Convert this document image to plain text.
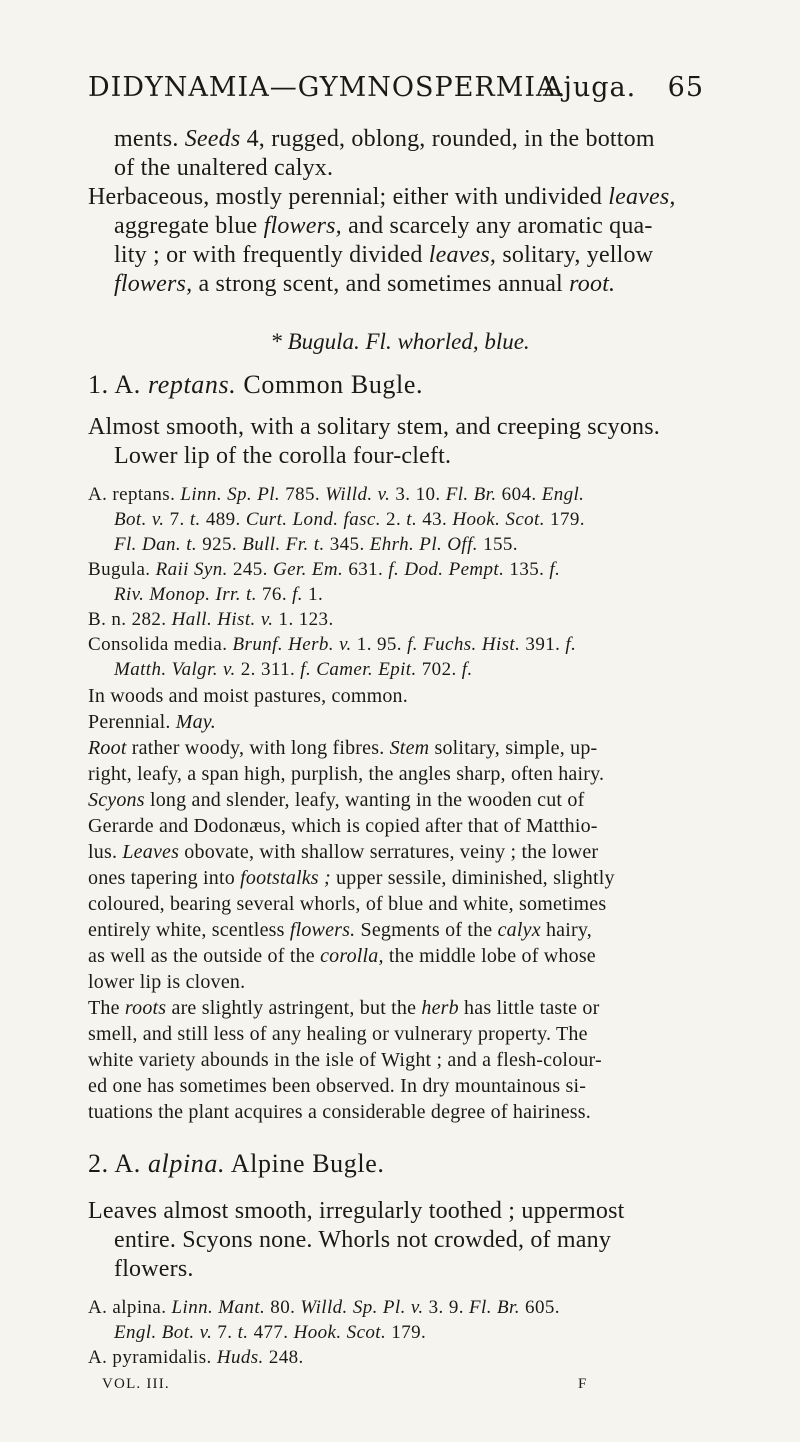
DIDYNAMIA—GYMNOSPERMIA.
Ajuga. 65
ments. Seeds 4, rugged, oblong, rounded, in the bottom
of the unaltered calyx.
Herbaceous, mostly perennial; either with undivided leaves,
aggregate blue flowers, and scarcely any aromatic qua-
lity ; or with frequently divided leaves, solitary, yellow
flowers, a strong scent, and sometimes annual root.
* Bugula. Fl. whorled, blue.
1. A. reptans. Common Bugle.
Almost smooth, with a solitary stem, and creeping scyons.
Lower lip of the corolla four-cleft.
A. reptans. Linn. Sp. Pl. 785. Willd. v. 3. 10. Fl. Br. 604. Engl.
Bot. v. 7. t. 489. Curt. Lond. fasc. 2. t. 43. Hook. Scot. 179.
Fl. Dan. t. 925. Bull. Fr. t. 345. Ehrh. Pl. Off. 155.
Bugula. Raii Syn. 245. Ger. Em. 631. f. Dod. Pempt. 135. f.
Riv. Monop. Irr. t. 76. f. 1.
B. n. 282. Hall. Hist. v. 1. 123.
Consolida media. Brunf. Herb. v. 1. 95. f. Fuchs. Hist. 391. f.
Matth. Valgr. v. 2. 311. f. Camer. Epit. 702. f.
In woods and moist pastures, common.
Perennial. May.
Root rather woody, with long fibres. Stem solitary, simple, up-
right, leafy, a span high, purplish, the angles sharp, often hairy.
Scyons long and slender, leafy, wanting in the wooden cut of
Gerarde and Dodonæus, which is copied after that of Matthio-
lus. Leaves obovate, with shallow serratures, veiny ; the lower
ones tapering into footstalks ; upper sessile, diminished, slightly
coloured, bearing several whorls, of blue and white, sometimes
entirely white, scentless flowers. Segments of the calyx hairy,
as well as the outside of the corolla, the middle lobe of whose
lower lip is cloven.
The roots are slightly astringent, but the herb has little taste or
smell, and still less of any healing or vulnerary property. The
white variety abounds in the isle of Wight ; and a flesh-colour-
ed one has sometimes been observed. In dry mountainous si-
tuations the plant acquires a considerable degree of hairiness.
2. A. alpina. Alpine Bugle.
Leaves almost smooth, irregularly toothed ; uppermost
entire. Scyons none. Whorls not crowded, of many
flowers.
A. alpina. Linn. Mant. 80. Willd. Sp. Pl. v. 3. 9. Fl. Br. 605.
Engl. Bot. v. 7. t. 477. Hook. Scot. 179.
A. pyramidalis. Huds. 248.
VOL. III.	F
